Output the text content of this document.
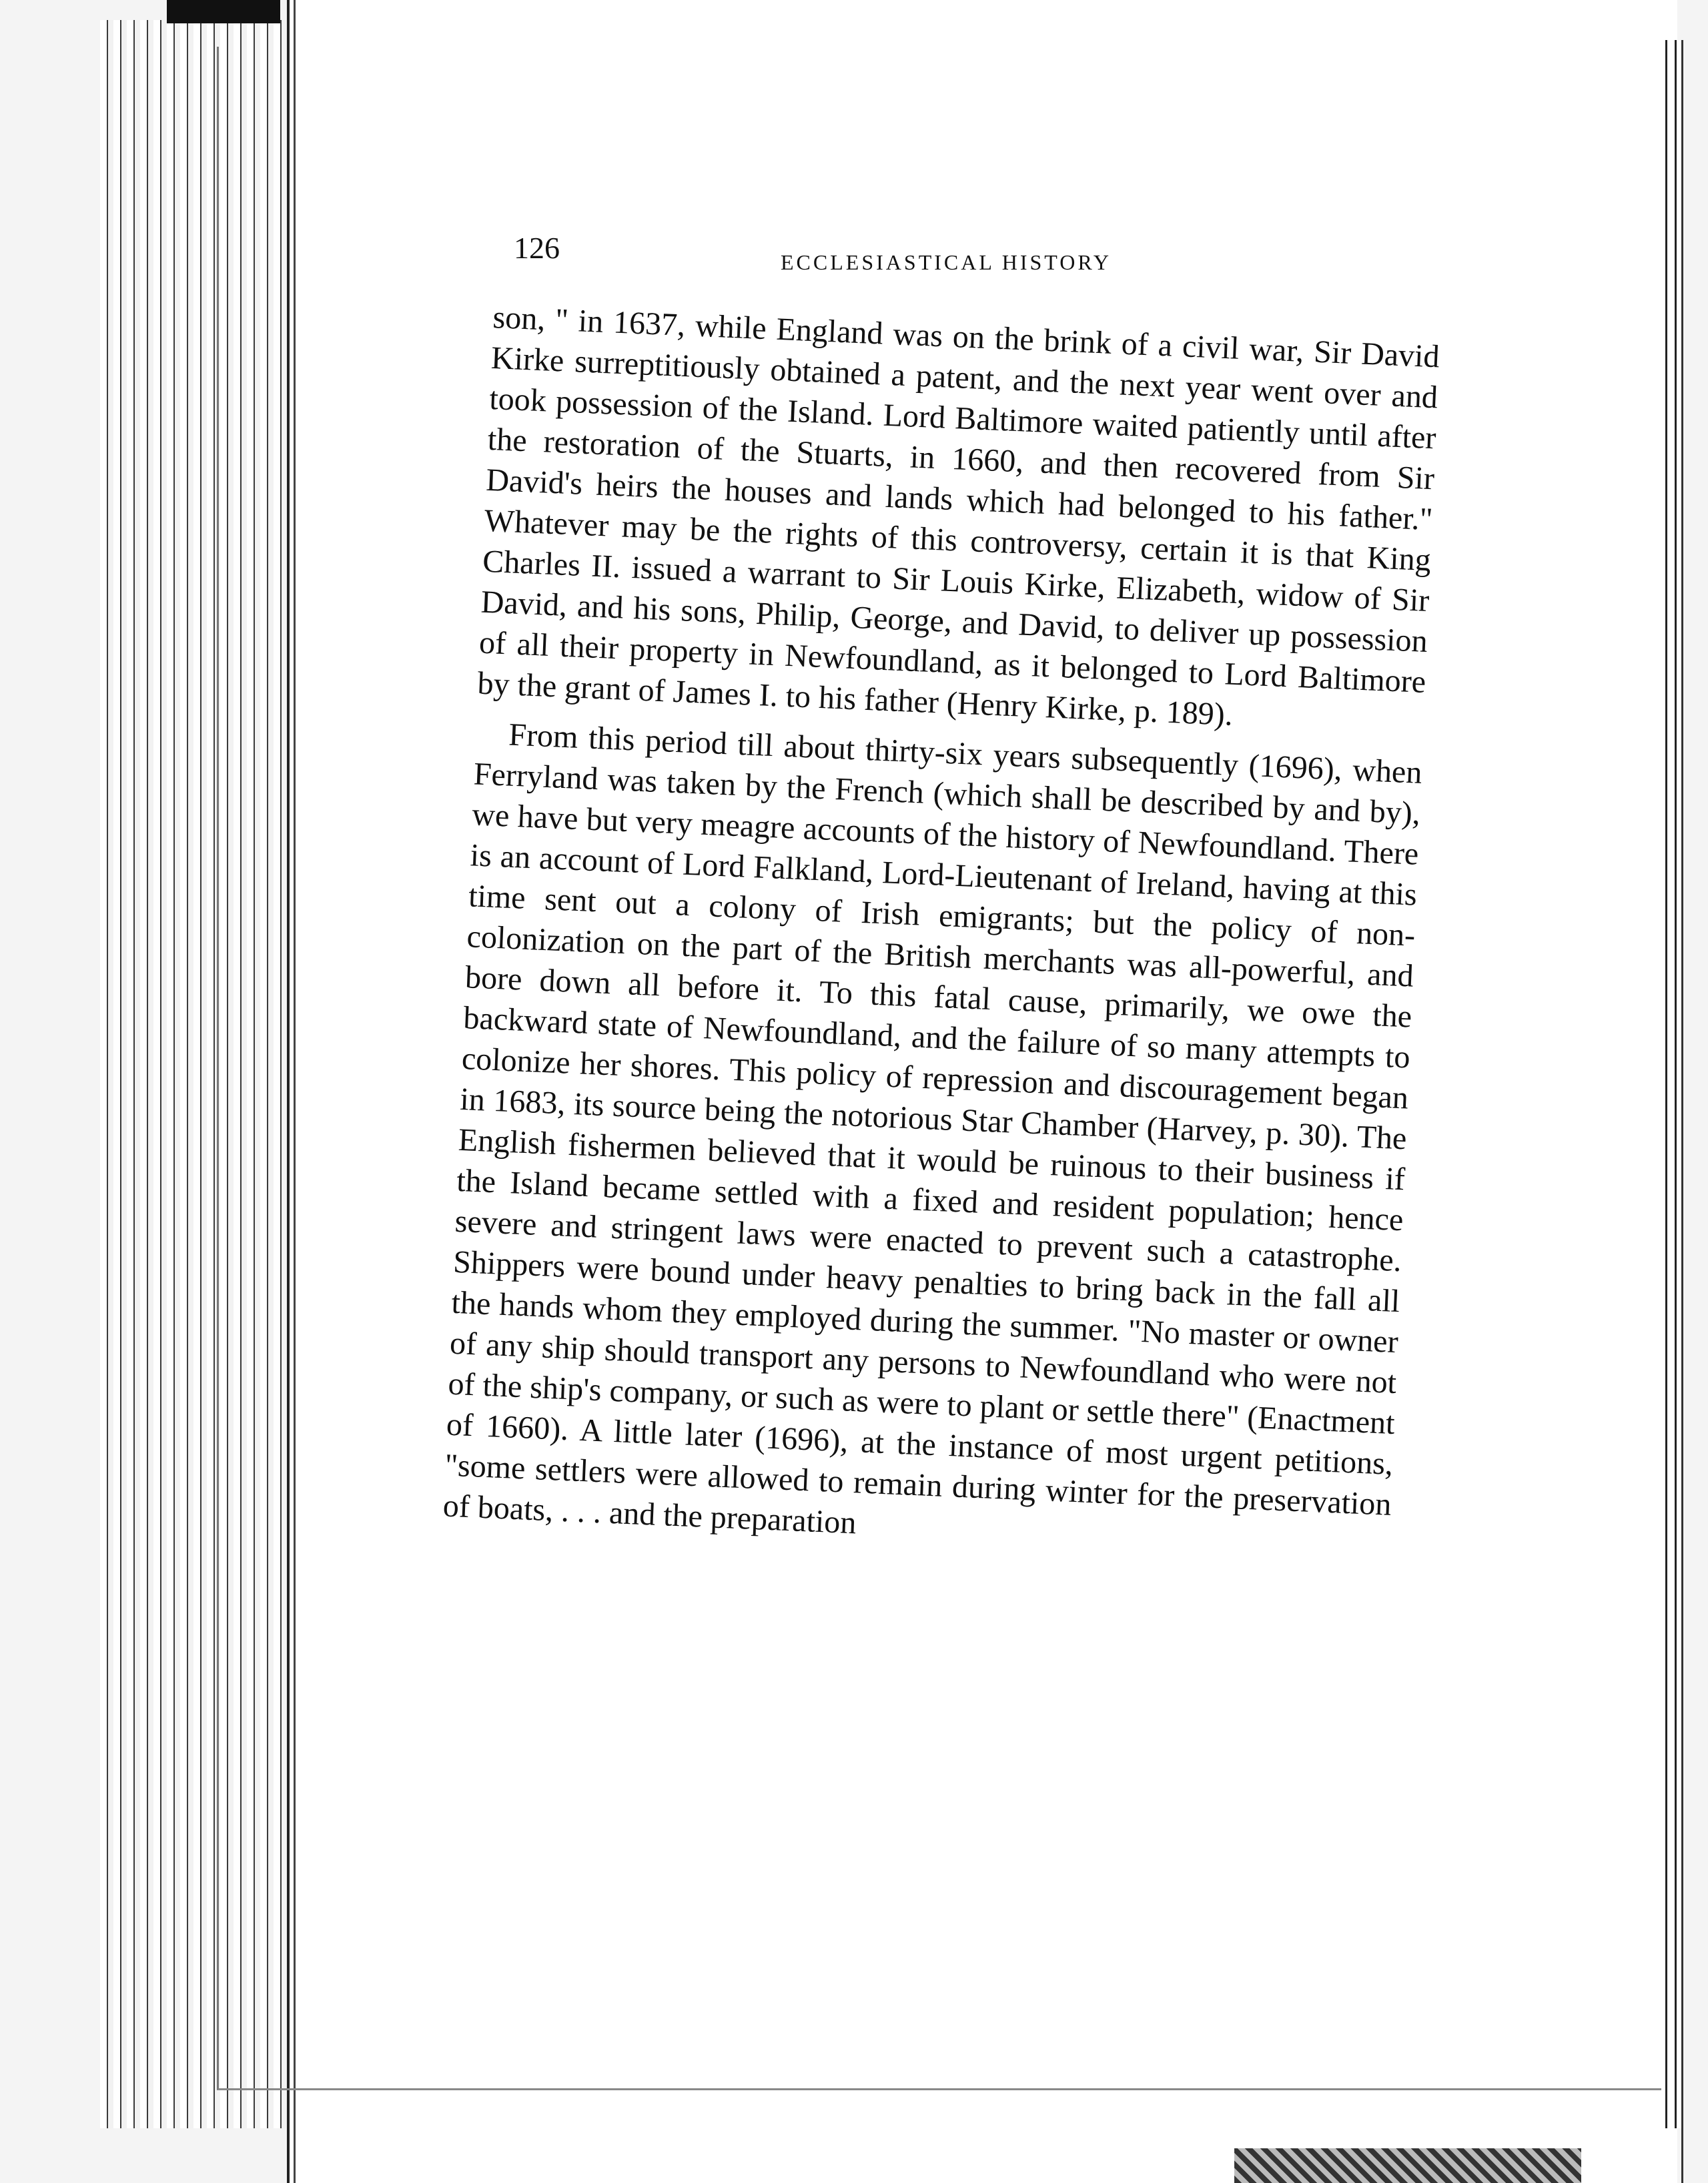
126	ECCLESIASTICAL HISTORY

son, " in 1637, while England was on the brink of a civil war, Sir David Kirke surreptitiously obtained a patent, and the next year went over and took possession of the Island. Lord Baltimore waited patiently until after the restoration of the Stuarts, in 1660, and then recovered from Sir David's heirs the houses and lands which had belonged to his father." Whatever may be the rights of this controversy, certain it is that King Charles II. issued a warrant to Sir Louis Kirke, Elizabeth, widow of Sir David, and his sons, Philip, George, and David, to deliver up possession of all their property in Newfoundland, as it belonged to Lord Baltimore by the grant of James I. to his father (Henry Kirke, p. 189).

From this period till about thirty-six years subsequently (1696), when Ferryland was taken by the French (which shall be described by and by), we have but very meagre accounts of the history of Newfoundland. There is an account of Lord Falkland, Lord-Lieutenant of Ireland, having at this time sent out a colony of Irish emigrants; but the policy of non-colonization on the part of the British merchants was all-powerful, and bore down all before it. To this fatal cause, primarily, we owe the backward state of Newfoundland, and the failure of so many attempts to colonize her shores. This policy of repression and discouragement began in 1683, its source being the notorious Star Chamber (Harvey, p. 30). The English fishermen believed that it would be ruinous to their business if the Island became settled with a fixed and resident population; hence severe and stringent laws were enacted to prevent such a catastrophe. Shippers were bound under heavy penalties to bring back in the fall all the hands whom they employed during the summer. "No master or owner of any ship should transport any persons to Newfoundland who were not of the ship's company, or such as were to plant or settle there" (Enactment of 1660). A little later (1696), at the instance of most urgent petitions, "some settlers were allowed to remain during winter for the preservation of boats, . . . and the preparation
